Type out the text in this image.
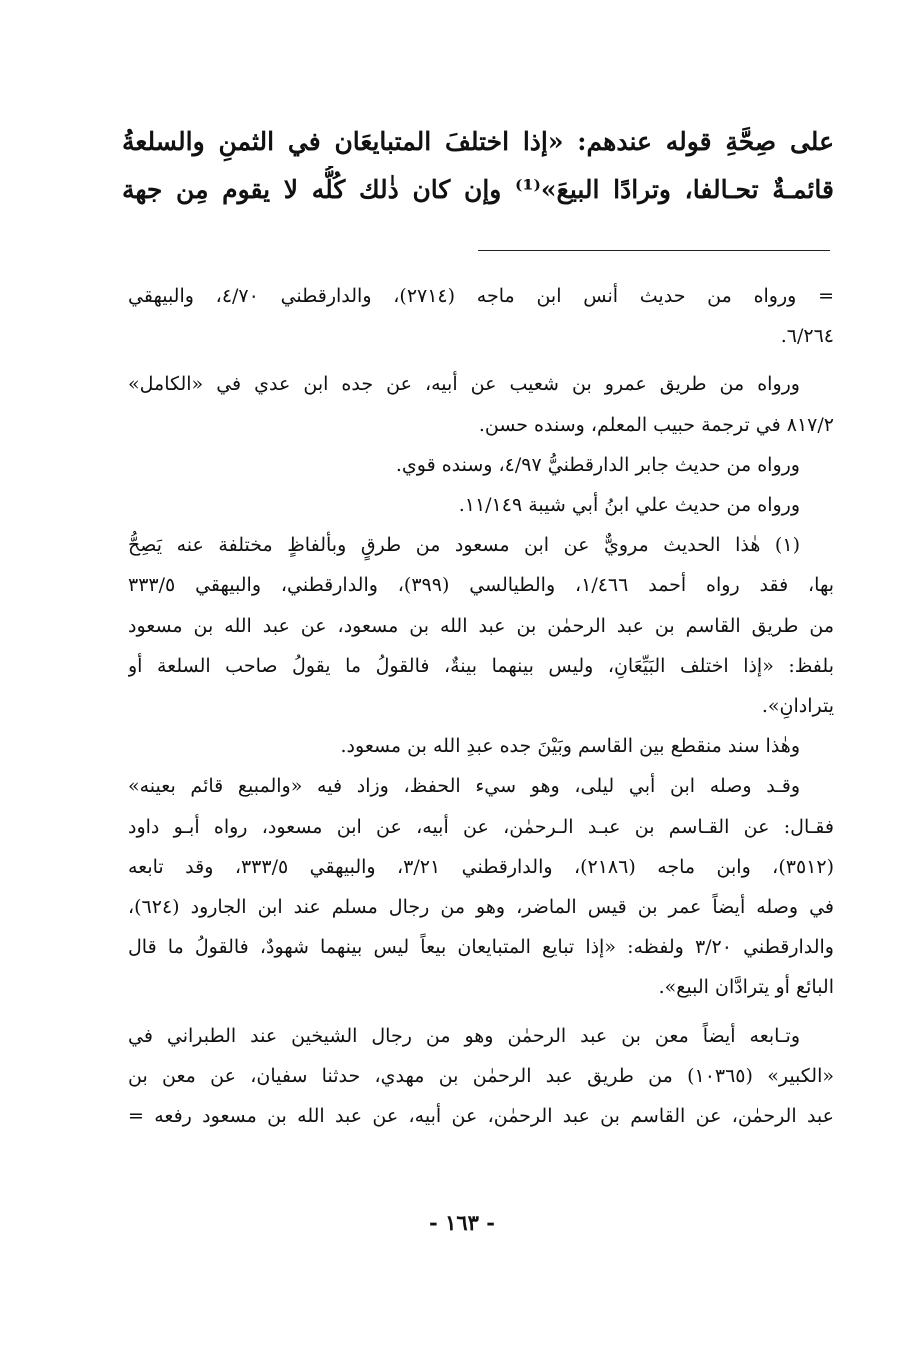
على صِحَّةِ قوله عندهم: «إذا اختلفَ المتبايعَان في الثمنِ والسلعةُ
قائمـةٌ تحـالفا، وترادًا البيعَ»⁽¹⁾ وإن كان ذٰلك كُلُّه لا يقوم مِن جهة
= ورواه من حديث أنس ابن ماجه (٢٧١٤)، والدارقطني ٤/٧٠، والبيهقي
٦/٢٦٤.
ورواه من طريق عمرو بن شعيب عن أبيه، عن جده ابن عدي في «الكامل»
٨١٧/٢ في ترجمة حبيب المعلم، وسنده حسن.
ورواه من حديث جابر الدارقطنيُّ ٤/٩٧، وسنده قوي.
ورواه من حديث علي ابنُ أبي شيبة ١١/١٤٩.
(١) هٰذا الحديث مرويٌّ عن ابن مسعود من طرقٍ وبألفاظٍ مختلفة عنه يَصِحُّ
بها، فقد رواه أحمد ١/٤٦٦، والطيالسي (٣٩٩)، والدارقطني، والبيهقي ٣٣٣/٥
من طريق القاسم بن عبد الرحمٰن بن عبد الله بن مسعود، عن عبد الله بن مسعود
بلفظ: «إذا اختلف البَيِّعَانِ، وليس بينهما بينةٌ، فالقولُ ما يقولُ صاحب السلعة أو
يترادانِ».
وهٰذا سند منقطع بين القاسم وبَيْنَ جده عبدِ الله بن مسعود.
وقـد وصله ابن أبي ليلى، وهو سيء الحفظ، وزاد فيه «والمبيع قائم بعينه»
فقـال: عن القـاسم بن عبـد الـرحمٰن، عن أبيه، عن ابن مسعود، رواه أبـو داود
(٣٥١٢)، وابن ماجه (٢١٨٦)، والدارقطني ٣/٢١، والبيهقي ٣٣٣/٥، وقد تابعه
في وصله أيضاً عمر بن قيس الماضر، وهو من رجال مسلم عند ابن الجارود (٦٢٤)،
والدارقطني ٣/٢٠ ولفظه: «إذا تبايع المتبايعان بيعاً ليس بينهما شهودٌ، فالقولُ ما قال
البائع أو يترادَّان البيع».
وتـابعه أيضاً معن بن عبد الرحمٰن وهو من رجال الشيخين عند الطبراني في
«الكبير» (١٠٣٦٥) من طريق عبد الرحمٰن بن مهدي، حدثنا سفيان، عن معن بن
عبد الرحمٰن، عن القاسم بن عبد الرحمٰن، عن أبيه، عن عبد الله بن مسعود رفعه =
- ١٦٣ -
